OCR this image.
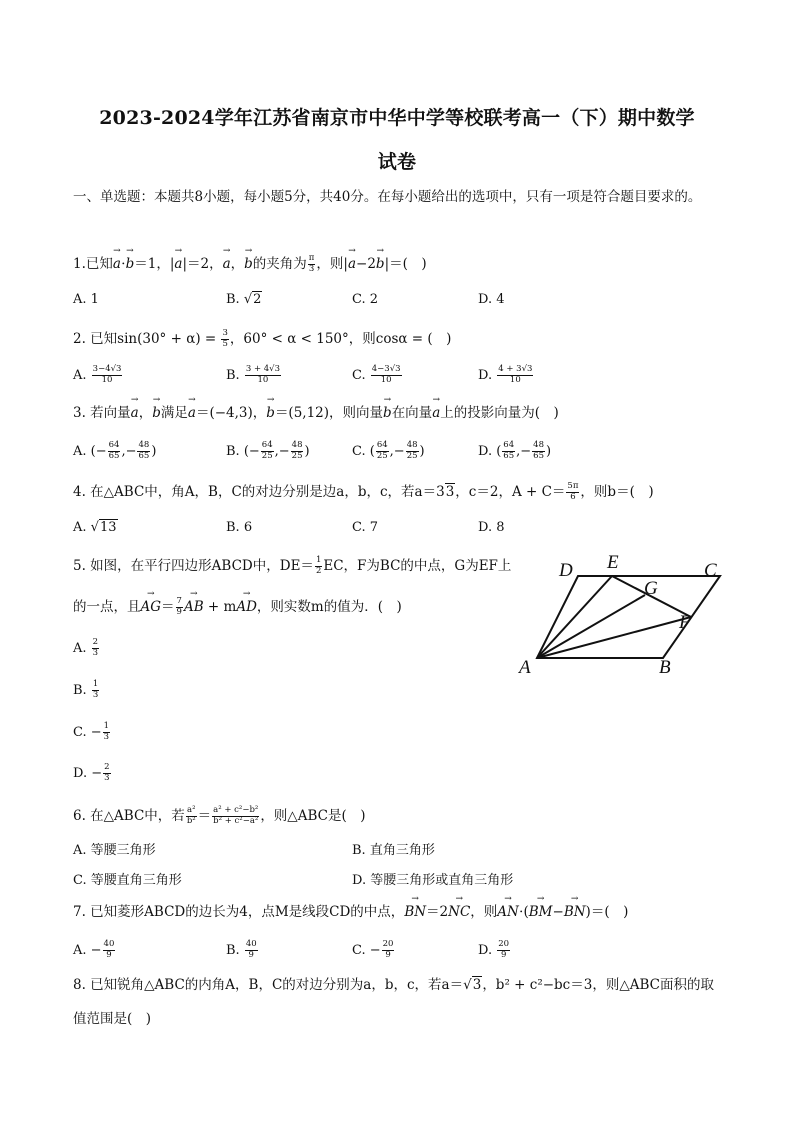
2023-2024学年江苏省南京市中华中学等校联考高一（下）期中数学
试卷
一、单选题：本题共8小题，每小题5分，共40分。在每小题给出的选项中，只有一项是符合题目要求的。
1.已知→ a⋅→ b＝1，|→ a|＝2，→ a，→ b的夹角为 $\frac{\pi}{3}$ ，则|→ a−2→ b|＝(　)
A. 1	B. √2	C. 2	D. 4
2. 已知$\sin(30^\circ + \alpha) = \frac{3}{5}$ ，60° < α < 150°，则cosα = (　)
A. $\frac{3-4√3}{10}$	B. $\frac{3 + 4√3}{10}$	C. $\frac{4-3√3}{10}$	D. $\frac{4 + 3√3}{10}$
3. 若向量→ a，→ b满足→ a＝(−4,3)，→ b＝(5,12)，则向量→ b在向量→ a上的投影向量为(　)
A. (− $\frac{64}{65}$ ,− $\frac{48}{65}$ )	B. (− $\frac{64}{25}$ ,− $\frac{48}{25}$ )	C. ( $\frac{64}{25}$ ,− $\frac{48}{25}$ )	D. ( $\frac{64}{65}$ ,− $\frac{48}{65}$ )
4. 在△ABC中，角A，B，C的对边分别是边a，b，c，若a＝33，c＝2，$A + C= \frac{5\pi}{6}$ ，则b＝(　)
A. √13	B. 6	C. 7	D. 8
5. 如图，在平行四边形ABCD中，$DE= \frac{1}{2}$ EC，F为BC的中点，G为EF上
的一点，且→ $AG= \frac{7}{9}$
→ AB + m→ AD，则实数m的值为．(　)
A. $\frac{2}{3}$
B. $\frac{1}{3}$
C. − $\frac{1}{3}$
D. − $\frac{2}{3}$
D E	C
G
F
A	B
6. 在△ABC中，若 $\frac{\text{a²}}{\text{b²}} = \frac{\text{a² + c²−b²}}{\text{b² + c²−a²}}$ ，则△ABC是(　)
A. 等腰三角形	B. 直角三角形
C. 等腰直角三角形	D. 等腰三角形或直角三角形
7. 已知菱形ABCD的边长为4，点M是线段CD的中点，→ BN＝2→ NC，则→ AN⋅(→ BM−→ BN)＝(　)
A. − $\frac{40}{9}$	B. $\frac{40}{9}$	C. − $\frac{20}{9}$	D. $\frac{20}{9}$
8. 已知锐角△ABC的内角A，B，C的对边分别为a，b，c，若a＝√3，b² + c²−bc＝3，则△ABC面积的取
值范围是(　)
